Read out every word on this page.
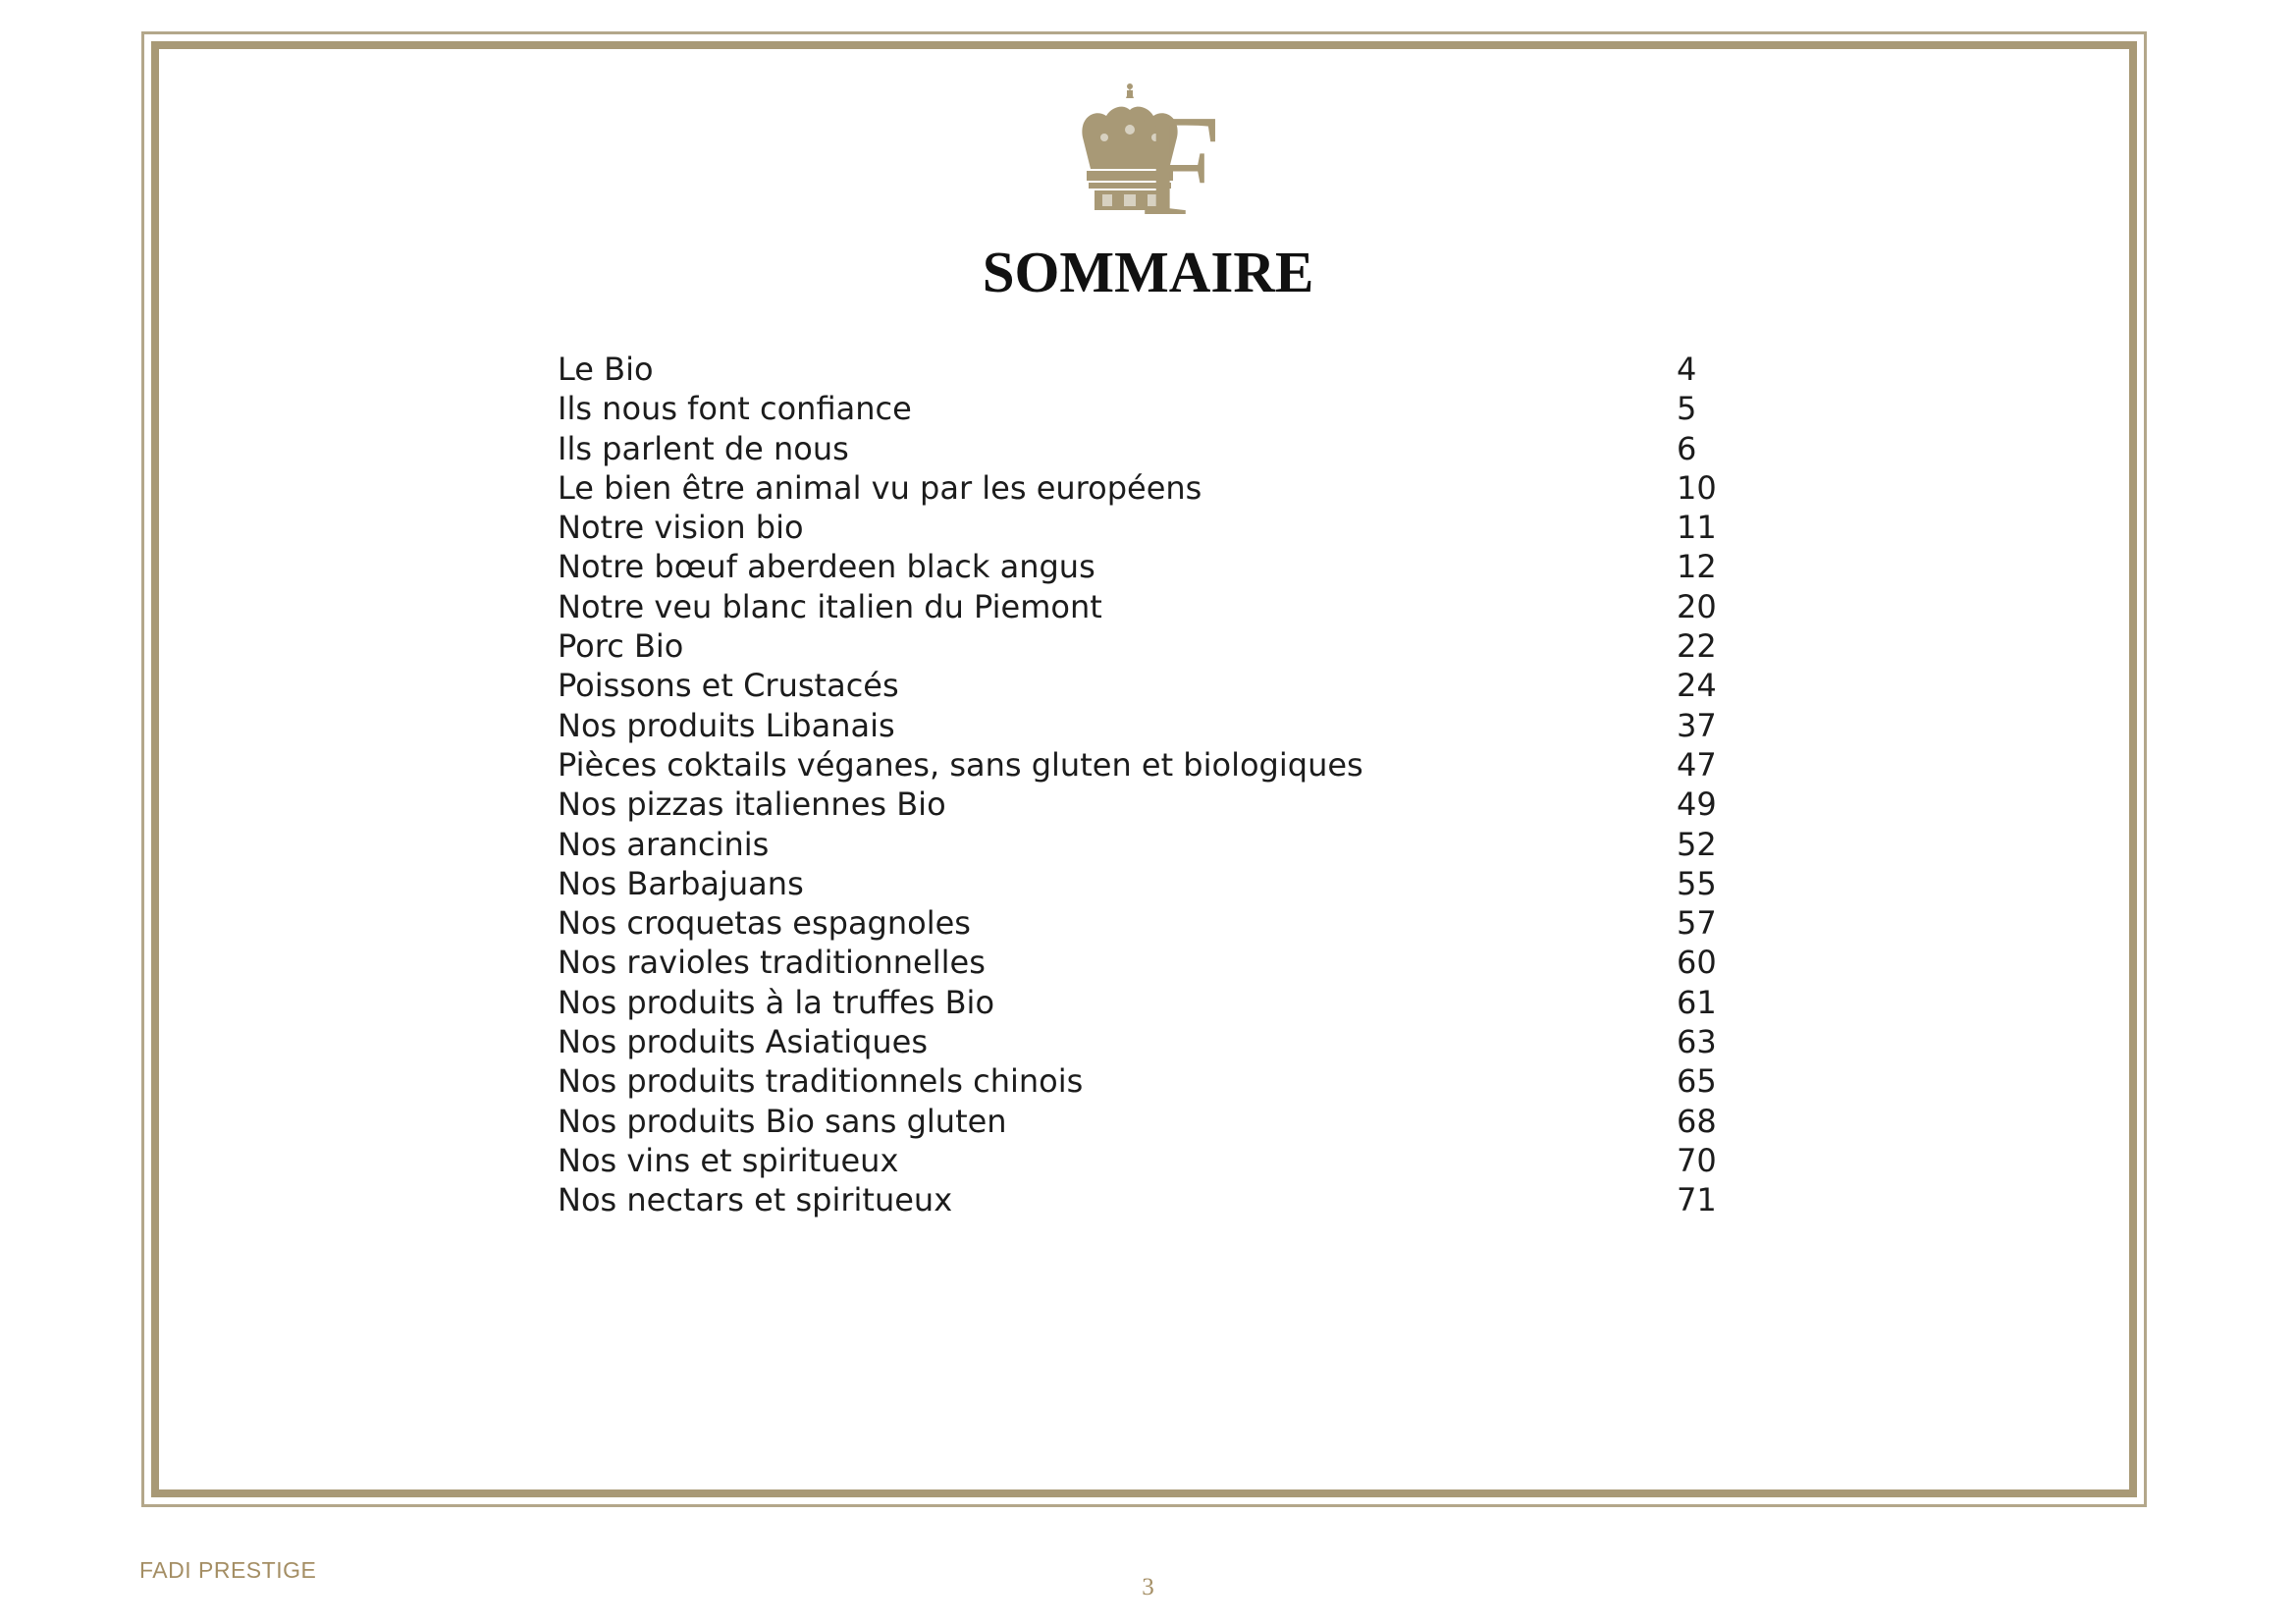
F
SOMMAIRE
Le Bio	4
Ils nous font confiance	5
Ils parlent de nous	6
Le bien être animal vu par les européens	10
Notre vision bio	11
Notre bœuf aberdeen black angus	12
Notre veu blanc italien du Piemont	20
Porc Bio	22
Poissons et Crustacés	24
Nos produits Libanais	37
Pièces coktails véganes, sans gluten et biologiques	47
Nos pizzas italiennes Bio	49
Nos arancinis	52
Nos Barbajuans	55
Nos croquetas espagnoles	57
Nos ravioles traditionnelles	60
Nos produits à la truffes Bio	61
Nos produits Asiatiques	63
Nos produits traditionnels chinois	65
Nos produits Bio sans gluten	68
Nos vins et spiritueux	70
Nos nectars et spiritueux	71
FADI PRESTIGE
3
